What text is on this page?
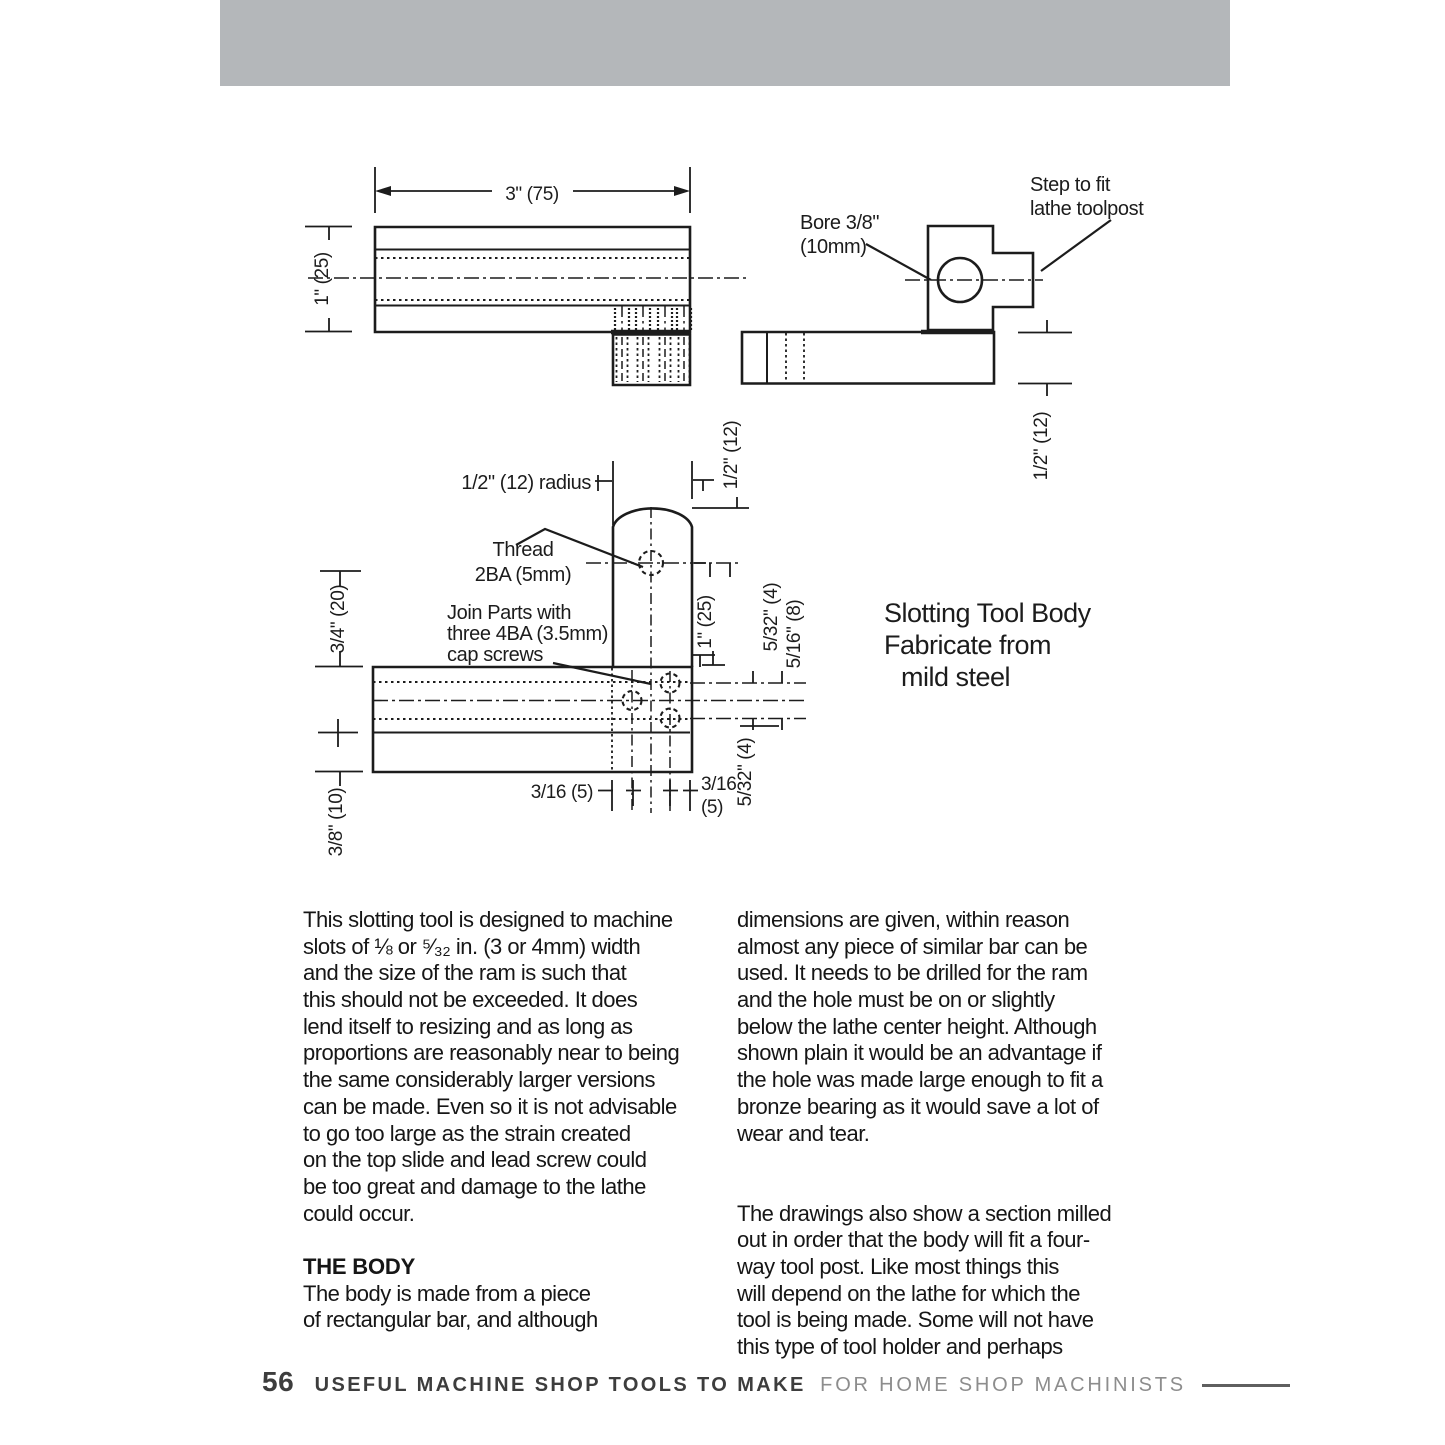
3" (75)
1" (25)
Bore 3/8"
(10mm)
Step to fit
lathe toolpost
1/2" (12)
1/2" (12) radius	1/2" (12)
Thread
2BA (5mm)
Join Parts with
three 4BA (3.5mm)
cap screws
3/4" (20)
3/8" (10)	3/16 (5)	3/16
(5)
1" (25) 5/32" (4) 5/16" (8)
5/32" (4)
Slotting Tool Body
Fabricate from
mild steel
This slotting tool is designed to machine
slots of ⅛ or ⁵⁄₃₂ in. (3 or 4mm) width
and the size of the ram is such that
this should not be exceeded. It does
lend itself to resizing and as long as
proportions are reasonably near to being
the same considerably larger versions
can be made. Even so it is not advisable
to go too large as the strain created
on the top slide and lead screw could
be too great and damage to the lathe
could occur.
THE BODY
The body is made from a piece
of rectangular bar, and although
dimensions are given, within reason
almost any piece of similar bar can be
used. It needs to be drilled for the ram
and the hole must be on or slightly
below the lathe center height. Although
shown plain it would be an advantage if
the hole was made large enough to fit a
bronze bearing as it would save a lot of
wear and tear.
The drawings also show a section milled
out in order that the body will fit a four-
way tool post. Like most things this
will depend on the lathe for which the
tool is being made. Some will not have
this type of tool holder and perhaps
56 USEFUL MACHINE SHOP TOOLS TO MAKE FOR HOME SHOP MACHINISTS
